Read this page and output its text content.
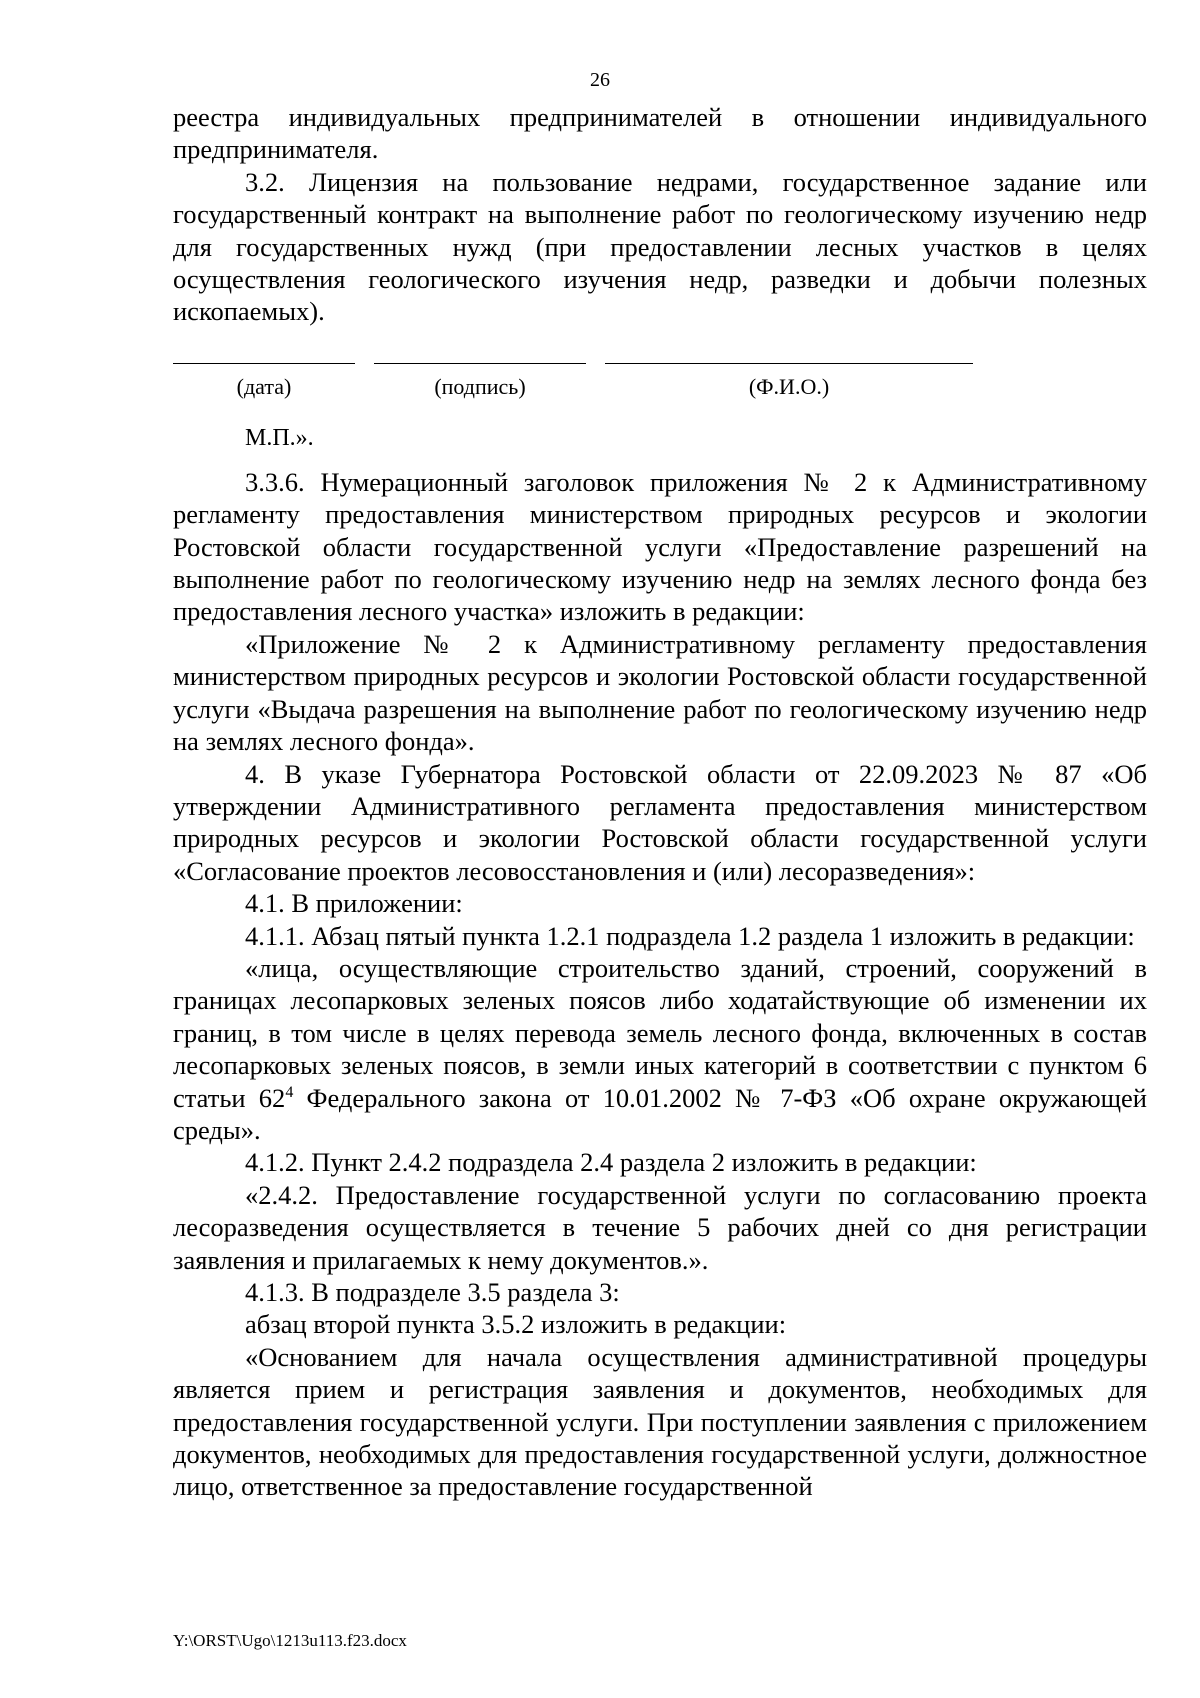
26

реестра индивидуальных предпринимателей в отношении индивидуального предпринимателя.

3.2. Лицензия на пользование недрами, государственное задание или государственный контракт на выполнение работ по геологическому изучению недр для государственных нужд (при предоставлении лесных участков в целях осуществления геологического изучения недр, разведки и добычи полезных ископаемых).

(дата)	(подпись)	(Ф.И.О.)
М.П.».

3.3.6. Нумерационный заголовок приложения № 2 к Административному регламенту предоставления министерством природных ресурсов и экологии Ростовской области государственной услуги «Предоставление разрешений на выполнение работ по геологическому изучению недр на землях лесного фонда без предоставления лесного участка» изложить в редакции:

«Приложение № 2 к Административному регламенту предоставления министерством природных ресурсов и экологии Ростовской области государственной услуги «Выдача разрешения на выполнение работ по геологическому изучению недр на землях лесного фонда».

4. В указе Губернатора Ростовской области от 22.09.2023 № 87 «Об утверждении Административного регламента предоставления министерством природных ресурсов и экологии Ростовской области государственной услуги «Согласование проектов лесовосстановления и (или) лесоразведения»:

4.1. В приложении:

4.1.1. Абзац пятый пункта 1.2.1 подраздела 1.2 раздела 1 изложить в редакции:

«лица, осуществляющие строительство зданий, строений, сооружений в границах лесопарковых зеленых поясов либо ходатайствующие об изменении их границ, в том числе в целях перевода земель лесного фонда, включенных в состав лесопарковых зеленых поясов, в земли иных категорий в соответствии с пунктом 6 статьи $62^4$ Федерального закона от 10.01.2002 № 7-ФЗ «Об охране окружающей среды».

4.1.2. Пункт 2.4.2 подраздела 2.4 раздела 2 изложить в редакции:

«2.4.2. Предоставление государственной услуги по согласованию проекта лесоразведения осуществляется в течение 5 рабочих дней со дня регистрации заявления и прилагаемых к нему документов.».

4.1.3. В подразделе 3.5 раздела 3:

абзац второй пункта 3.5.2 изложить в редакции:

«Основанием для начала осуществления административной процедуры является прием и регистрация заявления и документов, необходимых для предоставления государственной услуги. При поступлении заявления с приложением документов, необходимых для предоставления государственной услуги, должностное лицо, ответственное за предоставление государственной

Y:\ORST\Ugo\1213u113.f23.docx
